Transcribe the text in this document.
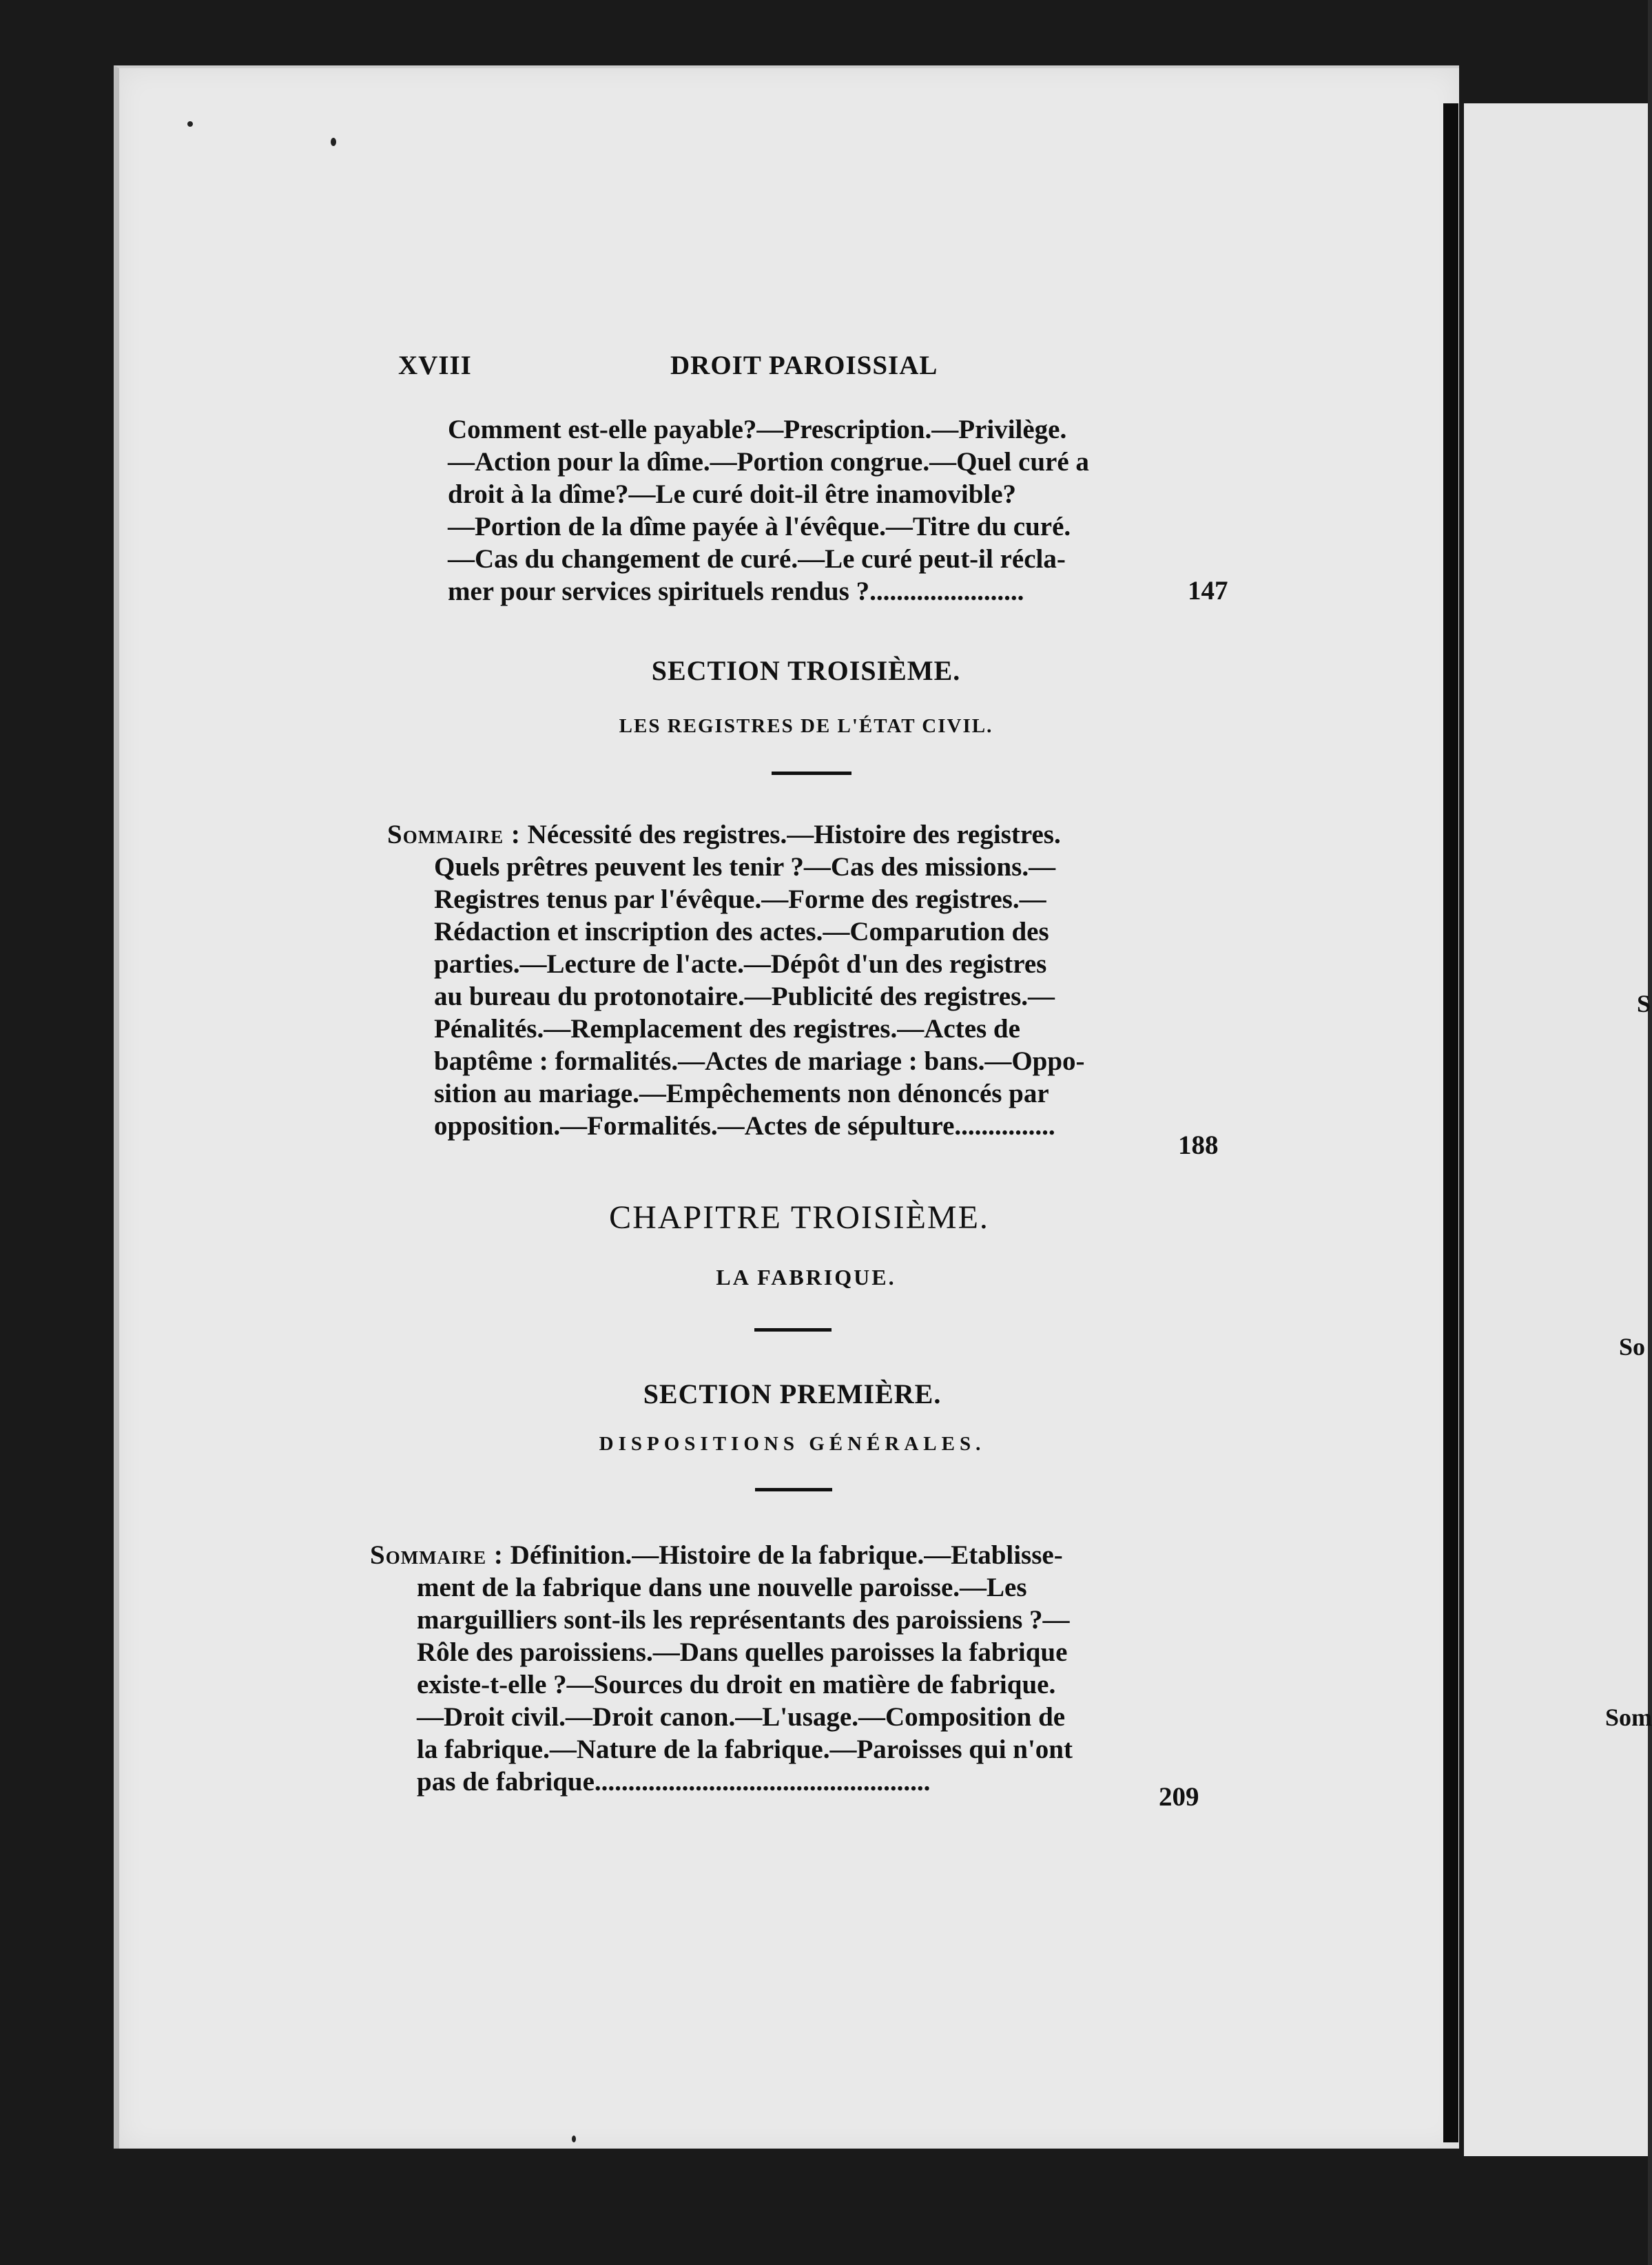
S
So
Som
XVIII	DROIT PAROISSIAL

Comment est-elle payable?—Prescription.—Privilège.

—Action pour la dîme.—Portion congrue.—Quel curé a

droit à la dîme?—Le curé doit-il être inamovible?

—Portion de la dîme payée à l'évêque.—Titre du curé.

—Cas du changement de curé.—Le curé peut-il récla-

mer pour services spirituels rendus ?.......................	147
SECTION TROISIÈME.
LES REGISTRES DE L'ÉTAT CIVIL.

Sommaire : Nécessité des registres.—Histoire des registres.

Quels prêtres peuvent les tenir ?—Cas des missions.—

Registres tenus par l'évêque.—Forme des registres.—

Rédaction et inscription des actes.—Comparution des

parties.—Lecture de l'acte.—Dépôt d'un des registres

au bureau du protonotaire.—Publicité des registres.—

Pénalités.—Remplacement des registres.—Actes de

baptême : formalités.—Actes de mariage : bans.—Oppo-

sition au mariage.—Empêchements non dénoncés par

opposition.—Formalités.—Actes de sépulture...............

188
CHAPITRE TROISIÈME.
LA FABRIQUE.
SECTION PREMIÈRE.
DISPOSITIONS GÉNÉRALES.

Sommaire : Définition.—Histoire de la fabrique.—Etablisse-

ment de la fabrique dans une nouvelle paroisse.—Les

marguilliers sont-ils les représentants des paroissiens ?—

Rôle des paroissiens.—Dans quelles paroisses la fabrique

existe-t-elle ?—Sources du droit en matière de fabrique.

—Droit civil.—Droit canon.—L'usage.—Composition de

la fabrique.—Nature de la fabrique.—Paroisses qui n'ont

pas de fabrique..................................................

209
